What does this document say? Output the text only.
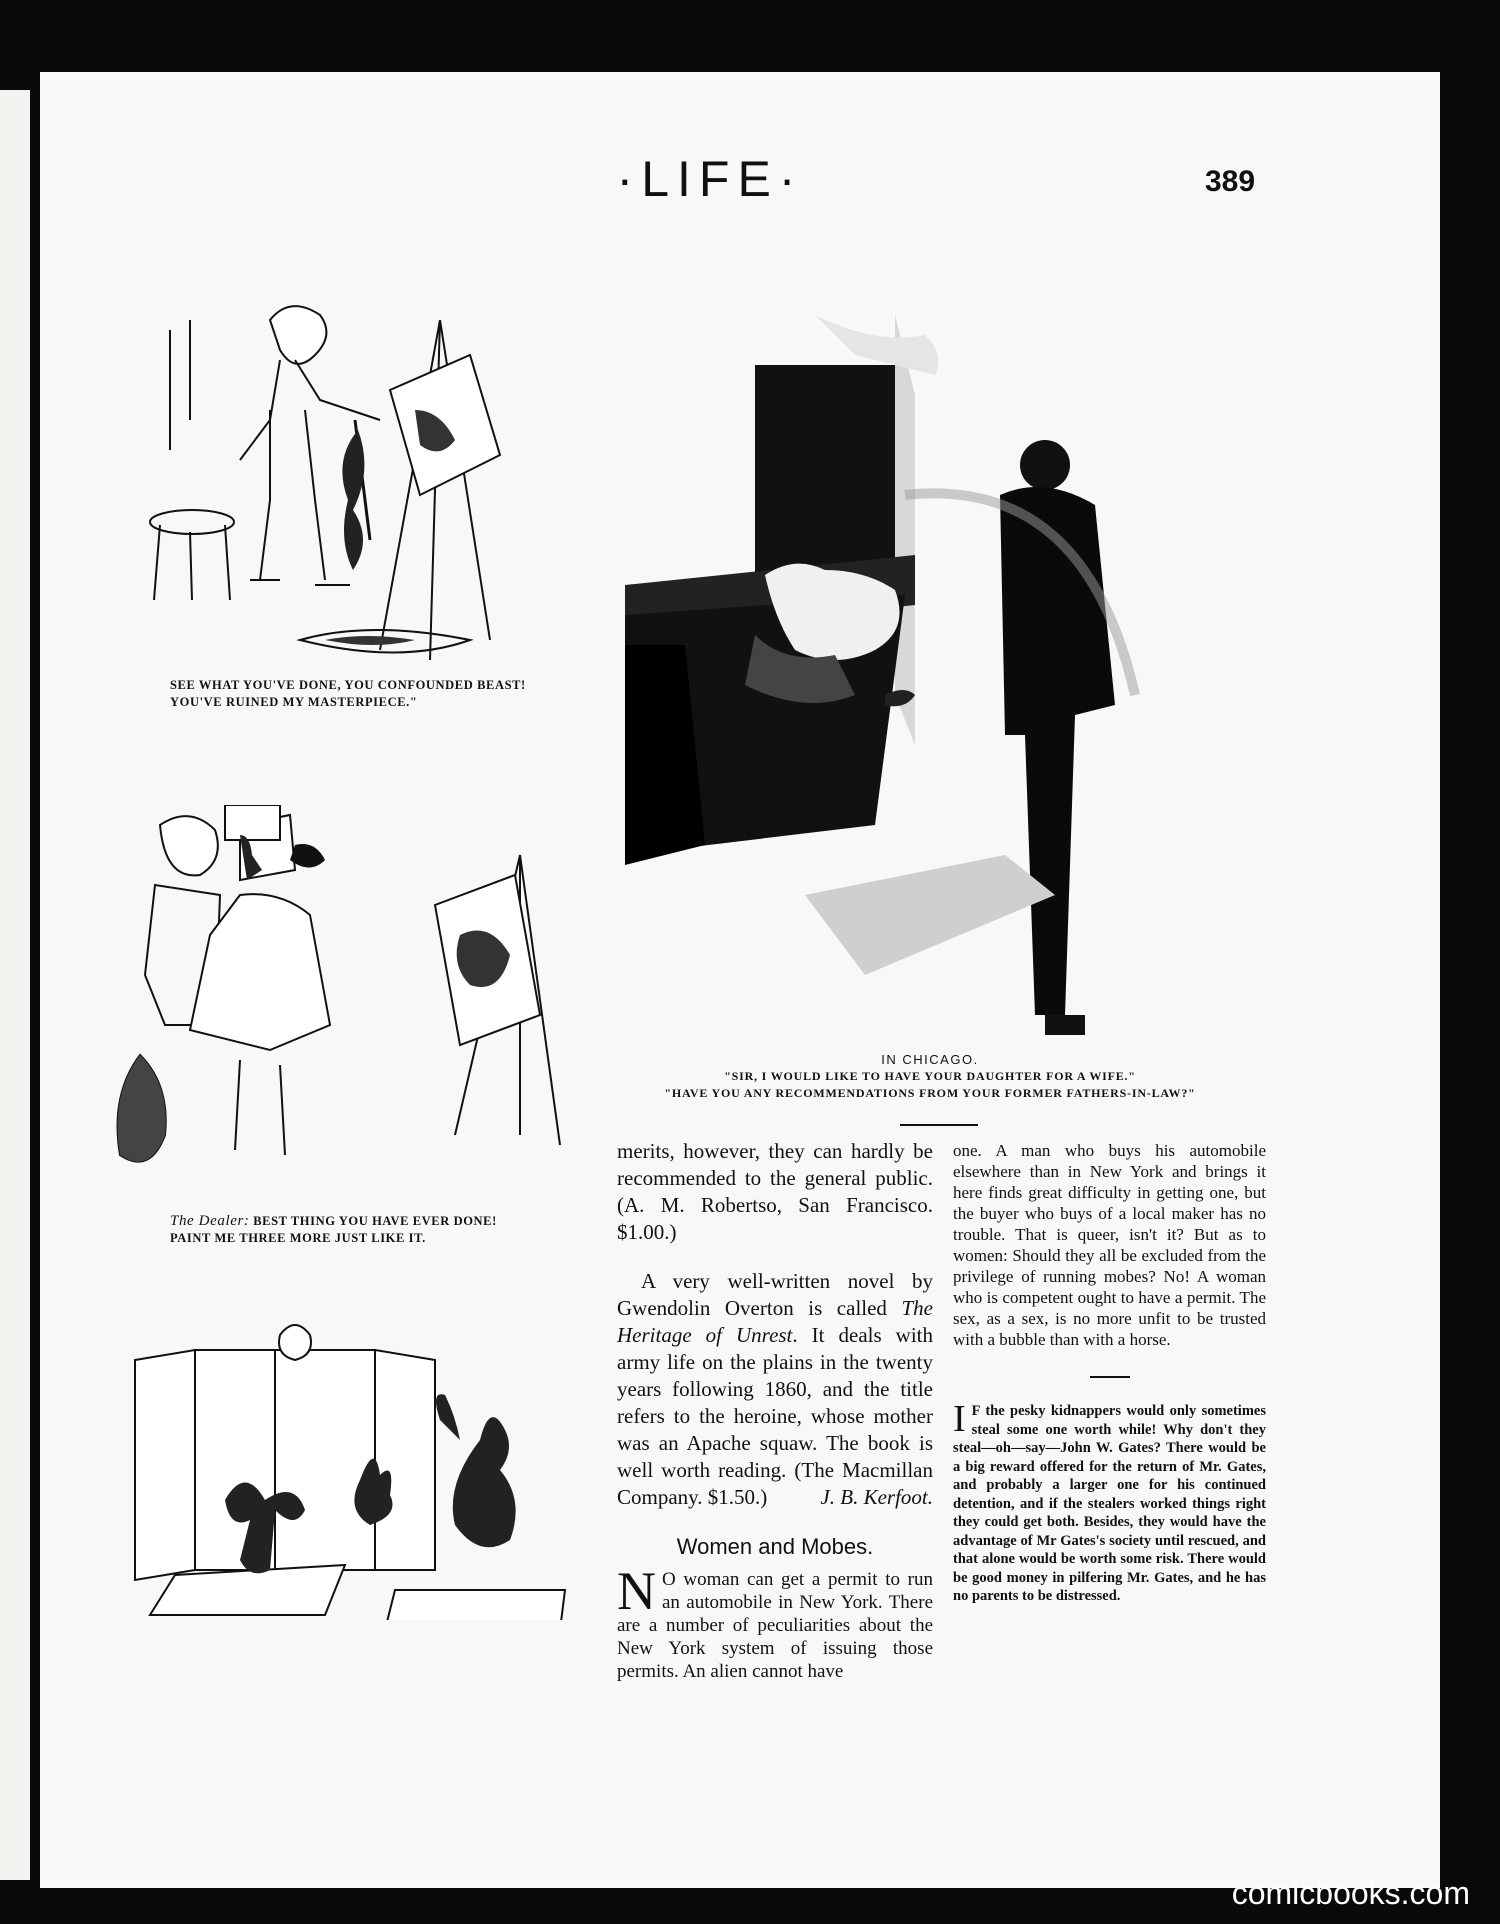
·LIFE·	389
SEE WHAT YOU'VE DONE, YOU CONFOUNDED BEAST!
YOU'VE RUINED MY MASTERPIECE."
The Dealer: BEST THING YOU HAVE EVER DONE!
PAINT ME THREE MORE JUST LIKE IT.
IN CHICAGO.
"SIR, I WOULD LIKE TO HAVE YOUR DAUGHTER FOR A WIFE."
"HAVE YOU ANY RECOMMENDATIONS FROM YOUR FORMER FATHERS-IN-LAW?"

merits, however, they can hardly be recommended to the general public. (A. M. Robertso, San Francisco. $1.00.)

A very well-written novel by Gwendolin Overton is called The Heritage of Unrest. It deals with army life on the plains in the twenty years following 1860, and the title refers to the heroine, whose mother was an Apache squaw. The book is well worth reading. (The Macmillan Company. $1.50.)	J. B. Kerfoot.

Women and Mobes.

N O woman can get a permit to run an automobile in New York. There are a number of peculiarities about the New York system of issuing those permits. An alien cannot have

one. A man who buys his automobile elsewhere than in New York and brings it here finds great difficulty in getting one, but the buyer who buys of a local maker has no trouble. That is queer, isn't it? But as to women: Should they all be excluded from the privilege of running mobes? No! A woman who is competent ought to have a permit. The sex, as a sex, is no more unfit to be trusted with a bubble than with a horse.

I F the pesky kidnappers would only sometimes steal some one worth while! Why don't they steal—oh—say—John W. Gates? There would be a big reward offered for the return of Mr. Gates, and probably a larger one for his continued detention, and if the stealers worked things right they could get both. Besides, they would have the advantage of Mr Gates's society until rescued, and that alone would be worth some risk. There would be good money in pilfering Mr. Gates, and he has no parents to be distressed.
comicbooks.com
